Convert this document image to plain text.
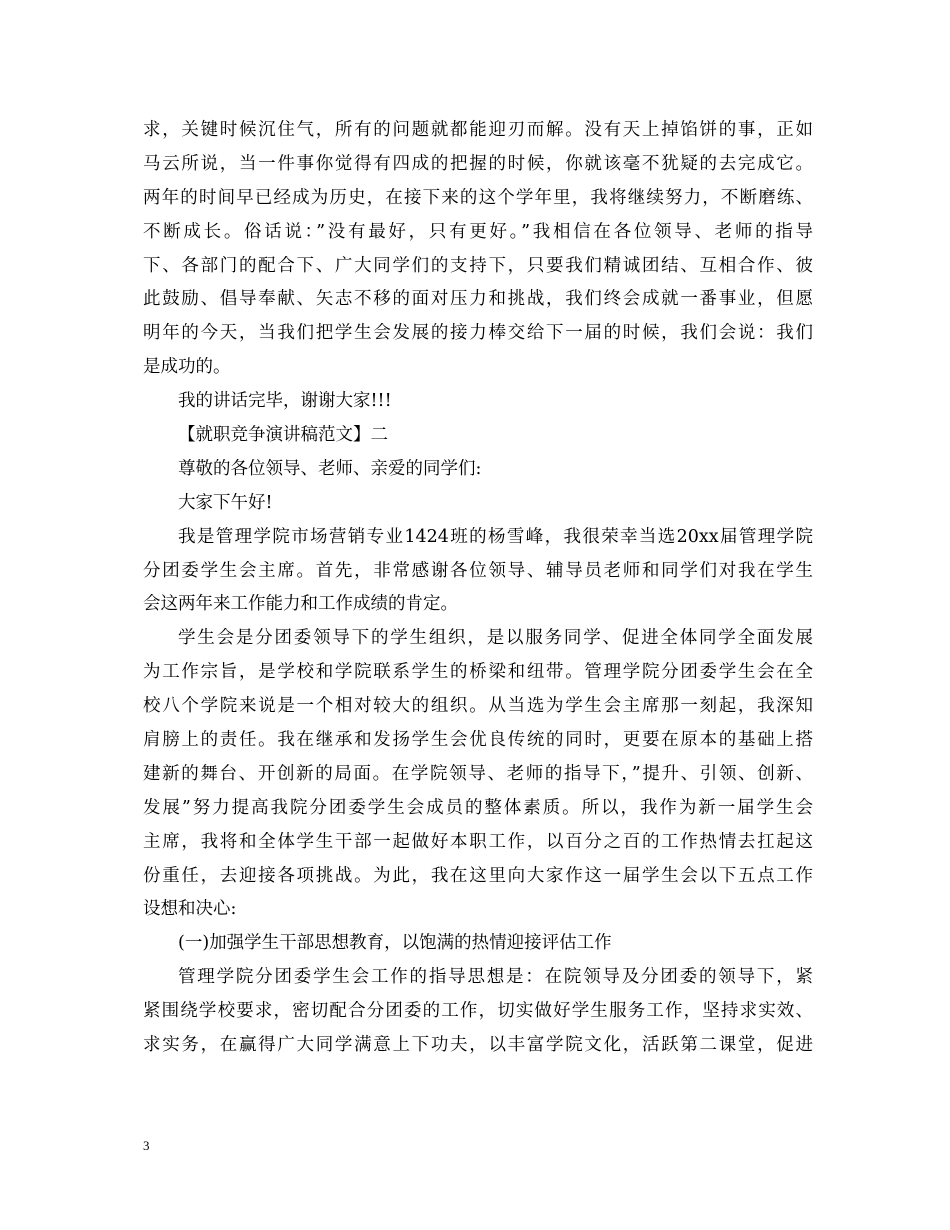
求，关键时候沉住气，所有的问题就都能迎刃而解。没有天上掉馅饼的事，正如
马云所说，当一件事你觉得有四成的把握的时候，你就该毫不犹疑的去完成它。
两年的时间早已经成为历史，在接下来的这个学年里，我将继续努力，不断磨练、
不断成长。俗话说：”没有最好，只有更好。”我相信在各位领导、老师的指导
下、各部门的配合下、广大同学们的支持下，只要我们精诚团结、互相合作、彼
此鼓励、倡导奉献、矢志不移的面对压力和挑战，我们终会成就一番事业，但愿
明年的今天，当我们把学生会发展的接力棒交给下一届的时候，我们会说：我们
是成功的。
我的讲话完毕，谢谢大家!!!
【就职竞争演讲稿范文】二
尊敬的各位领导、老师、亲爱的同学们:
大家下午好!
我是管理学院市场营销专业1424班的杨雪峰，我很荣幸当选20xx届管理学院
分团委学生会主席。首先，非常感谢各位领导、辅导员老师和同学们对我在学生
会这两年来工作能力和工作成绩的肯定。
学生会是分团委领导下的学生组织，是以服务同学、促进全体同学全面发展
为工作宗旨，是学校和学院联系学生的桥梁和纽带。管理学院分团委学生会在全
校八个学院来说是一个相对较大的组织。从当选为学生会主席那一刻起，我深知
肩膀上的责任。我在继承和发扬学生会优良传统的同时，更要在原本的基础上搭
建新的舞台、开创新的局面。在学院领导、老师的指导下，”提升、引领、创新、
发展”努力提高我院分团委学生会成员的整体素质。所以，我作为新一届学生会
主席，我将和全体学生干部一起做好本职工作，以百分之百的工作热情去扛起这
份重任，去迎接各项挑战。为此，我在这里向大家作这一届学生会以下五点工作
设想和决心:
(一)加强学生干部思想教育，以饱满的热情迎接评估工作
管理学院分团委学生会工作的指导思想是：在院领导及分团委的领导下，紧
紧围绕学校要求，密切配合分团委的工作，切实做好学生服务工作，坚持求实效、
求实务，在赢得广大同学满意上下功夫，以丰富学院文化，活跃第二课堂，促进
3
